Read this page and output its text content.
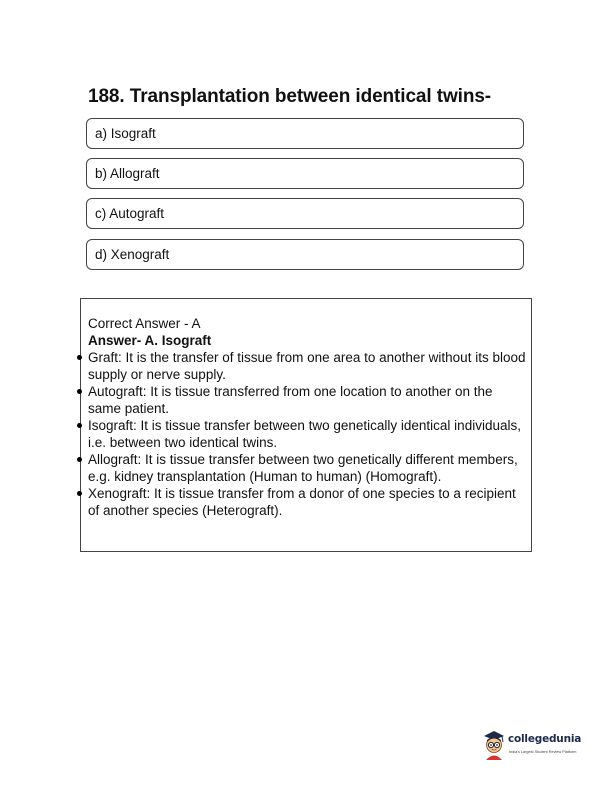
188. Transplantation between identical twins-
a) Isograft
b) Allograft
c) Autograft
d) Xenograft
Correct Answer - A
Answer- A. Isograft
Graft: It is the transfer of tissue from one area to another without its blood supply or nerve supply.
Autograft: It is tissue transferred from one location to another on the same patient.
Isograft: It is tissue transfer between two genetically identical individuals, i.e. between two identical twins.
Allograft: It is tissue transfer between two genetically different members, e.g. kidney transplantation (Human to human) (Homograft).
Xenograft: It is tissue transfer from a donor of one species to a recipient of another species (Heterograft).
collegedunia
India's Largest Student Review Platform
